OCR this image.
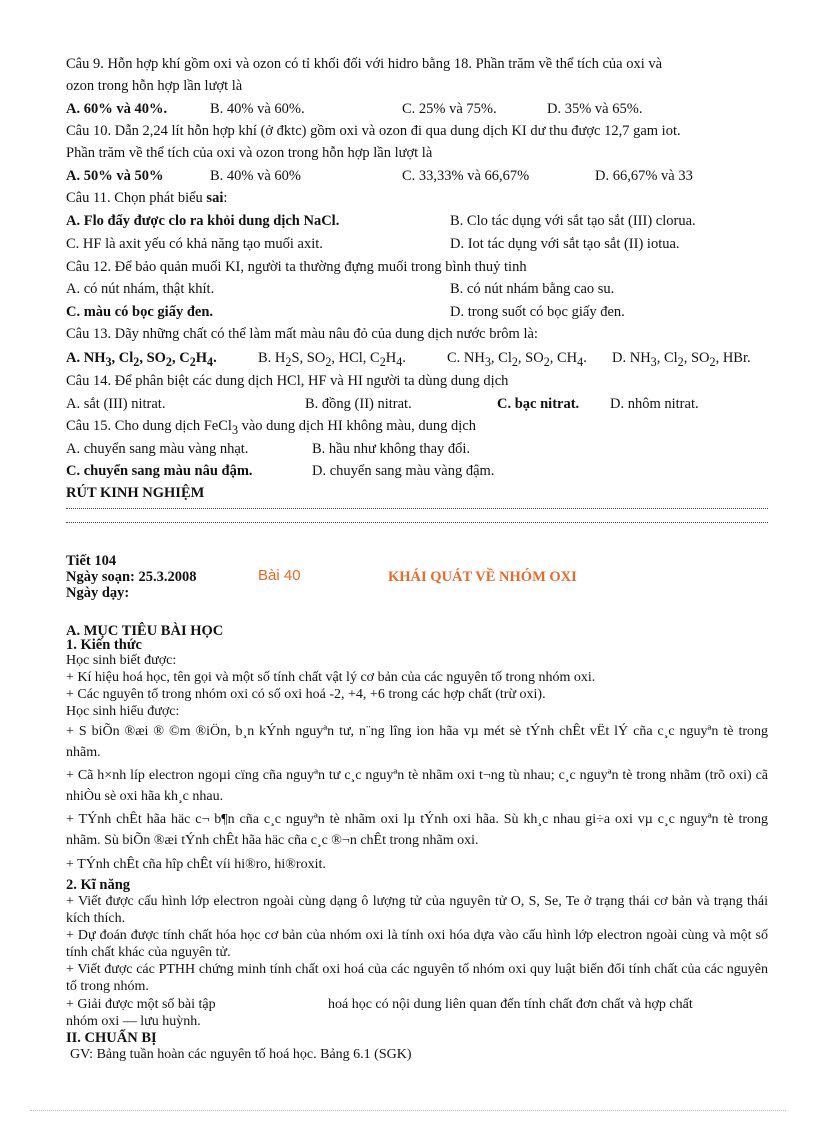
Câu 9. Hỗn hợp khí gồm oxi và ozon có tỉ khối đối với hidro bằng 18. Phần trăm về thể tích của oxi và
ozon trong hỗn hợp lần lượt là
A. 60% và 40%.	B. 40% và 60%.	C. 25% và 75%.	D. 35% và 65%.
Câu 10. Dẫn 2,24 lít hỗn hợp khí (ở đktc) gồm oxi và ozon đi qua dung dịch KI dư thu được 12,7 gam iot.
Phần trăm về thể tích của oxi và ozon trong hỗn hợp lần lượt là
A. 50% và 50%	B. 40% và 60%	C. 33,33% và 66,67%	D. 66,67% và 33
Câu 11. Chọn phát biểu sai:
A. Flo đẩy được clo ra khỏi dung dịch NaCl.	B. Clo tác dụng với sắt tạo sắt (III) clorua.
C. HF là axit yếu có khả năng tạo muối axit.	D. Iot tác dụng với sắt tạo sắt (II) iotua.
Câu 12. Để bảo quản muối KI, người ta thường đựng muối trong bình thuỷ tinh
A. có nút nhám, thật khít.	B. có nút nhám bằng cao su.
C. màu có bọc giấy đen.	D. trong suốt có bọc giấy đen.
Câu 13. Dãy những chất có thể làm mất màu nâu đỏ của dung dịch nước brôm là:
A. $NH_3$, $Cl_2$, $SO_2$, $C_2H_4$.	B. $H_2S$, $SO_2$, HCl, $C_2H_4$.	C. $NH_3$, $Cl_2$, $SO_2$, $CH_4$. D. $NH_3$, $Cl_2$, $SO_2$, HBr.
Câu 14. Để phân biệt các dung dịch HCl, HF và HI người ta dùng dung dịch
A. sắt (III) nitrat.	B. đồng (II) nitrat.	C. bạc nitrat. D. nhôm nitrat.
Câu 15. Cho dung dịch FeCl$_3$ vào dung dịch HI không màu, dung dịch
A. chuyển sang màu vàng nhạt.	B. hầu như không thay đổi.
C. chuyển sang màu nâu đậm.	D. chuyển sang màu vàng đậm.
RÚT KINH NGHIỆM
Tiết 104
Ngày soạn: 25.3.2008	Bài 40	KHÁI QUÁT VỀ NHÓM OXI
Ngày dạy:
A. MỤC TIÊU BÀI HỌC
1. Kiến thức
Học sinh biết được:
+ Kí hiệu hoá học, tên gọi và một số tính chất vật lý cơ bản của các nguyên tố trong nhóm oxi.
+ Các nguyên tố trong nhóm oxi có số oxi hoá -2, +4, +6 trong các hợp chất (trừ oxi).
Học sinh hiểu được:
+ S biÕn ®æi ® ©m ®iÖn, b¸n kÝnh nguyªn tư, n¨ng lîng ion hãa vµ mét sè tÝnh chÊt vËt lÝ cña c¸c nguyªn tè trong nhãm.
+ Cã h×nh líp electron ngoµi cïng cña nguyªn tư c¸c nguyªn tè nhãm oxi t¬ng tù nhau; c¸c nguyªn tè trong nhãm (trõ oxi) cã nhiÒu sè oxi hãa kh¸c nhau.
+ TÝnh chÊt hãa häc c¬ b¶n cña c¸c nguyªn tè nhãm oxi lµ tÝnh oxi hãa. Sù kh¸c nhau gi÷a oxi vµ c¸c nguyªn tè trong nhãm. Sù biÕn ®æi tÝnh chÊt hãa häc cña c¸c ®¬n chÊt trong nhãm oxi.
+ TÝnh chÊt cña hîp chÊt víi hi®ro, hi®roxit.
2. Kĩ năng
+ Viết được cấu hình lớp electron ngoài cùng dạng ô lượng tử của nguyên tử O, S, Se, Te ở trạng thái cơ bản và trạng thái kích thích.
+ Dự đoán được tính chất hóa học cơ bản của nhóm oxi là tính oxi hóa dựa vào cấu hình lớp electron ngoài cùng và một số tính chất khác của nguyên tử.
+ Viết được các PTHH chứng minh tính chất oxi hoá của các nguyên tố nhóm oxi quy luật biến đổi tính chất của các nguyên tố trong nhóm.
+ Giải được một số bài tập	hoá học có nội dung liên quan đến tính chất đơn chất và hợp chất
nhóm oxi — lưu huỳnh.
II. CHUẨN BỊ
GV: Bảng tuần hoàn các nguyên tố hoá học. Bảng 6.1 (SGK)
